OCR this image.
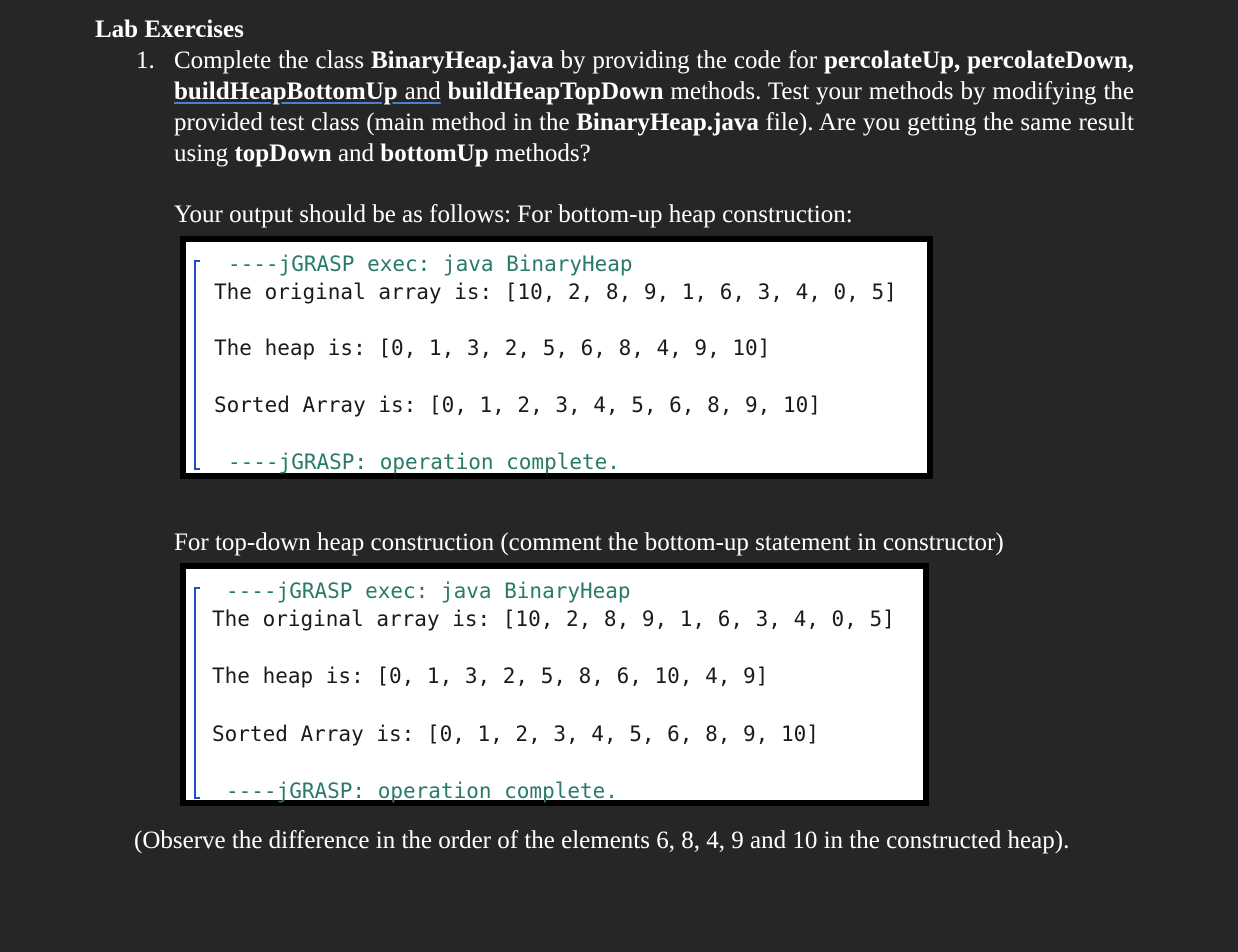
Lab Exercises
1. Complete the class BinaryHeap.java by providing the code for percolateUp, percolateDown, buildHeapBottomUp and buildHeapTopDown methods. Test your methods by modifying the provided test class (main method in the BinaryHeap.java file). Are you getting the same result using topDown and bottomUp methods?
Your output should be as follows: For bottom-up heap construction:
----jGRASP exec: java BinaryHeap
The original array is: [10, 2, 8, 9, 1, 6, 3, 4, 0, 5]
The heap is: [0, 1, 3, 2, 5, 6, 8, 4, 9, 10]
Sorted Array is: [0, 1, 2, 3, 4, 5, 6, 8, 9, 10]
----jGRASP: operation complete.
For top-down heap construction (comment the bottom-up statement in constructor)
----jGRASP exec: java BinaryHeap
The original array is: [10, 2, 8, 9, 1, 6, 3, 4, 0, 5]
The heap is: [0, 1, 3, 2, 5, 8, 6, 10, 4, 9]
Sorted Array is: [0, 1, 2, 3, 4, 5, 6, 8, 9, 10]
----jGRASP: operation complete.
(Observe the difference in the order of the elements 6, 8, 4, 9 and 10 in the constructed heap).
